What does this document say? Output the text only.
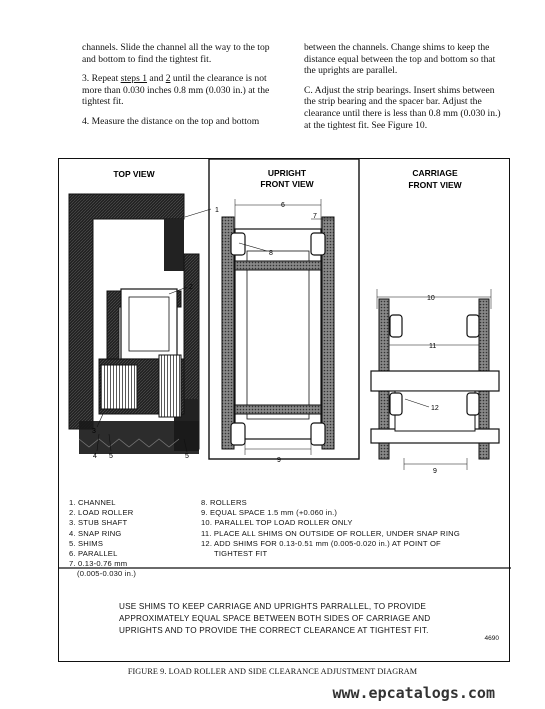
channels. Slide the channel all the way to the top and bottom to find the tightest fit.

3. Repeat steps 1 and 2 until the clearance is not more than 0.030 inches 0.8 mm (0.030 in.) at the tightest fit.

4. Measure the distance on the top and bottom

between the channels. Change shims to keep the distance equal between the top and bottom so that the uprights are parallel.

C. Adjust the strip bearings. Insert shims between the strip bearing and the spacer bar. Adjust the clearance until there is less than 0.8 mm (0.030 in.) at the tightest fit. See Figure 10.

TOP VIEW	UPRIGHT
FRONT VIEW
CARRIAGE
FRONT VIEW
1
2
3
4 5	5
6
7
8
9
10
11
12
9
1. CHANNEL
2. LOAD ROLLER
3. STUB SHAFT
4. SNAP RING
5. SHIMS
6. PARALLEL
7. 0.13-0.76 mm
(0.005-0.030 in.)
8. ROLLERS
9. EQUAL SPACE 1.5 mm (+0.060 in.)
10. PARALLEL TOP LOAD ROLLER ONLY
11. PLACE ALL SHIMS ON OUTSIDE OF ROLLER, UNDER SNAP RING
12. ADD SHIMS FOR 0.13-0.51 mm (0.005-0.020 in.) AT POINT OF
TIGHTEST FIT
USE SHIMS TO KEEP CARRIAGE AND UPRIGHTS PARRALLEL, TO PROVIDE APPROXIMATELY EQUAL SPACE BETWEEN BOTH SIDES OF CARRIAGE AND UPRIGHTS AND TO PROVIDE THE CORRECT CLEARANCE AT TIGHTEST FIT.
4690
FIGURE 9. LOAD ROLLER AND SIDE CLEARANCE ADJUSTMENT DIAGRAM
www.epcatalogs.com
